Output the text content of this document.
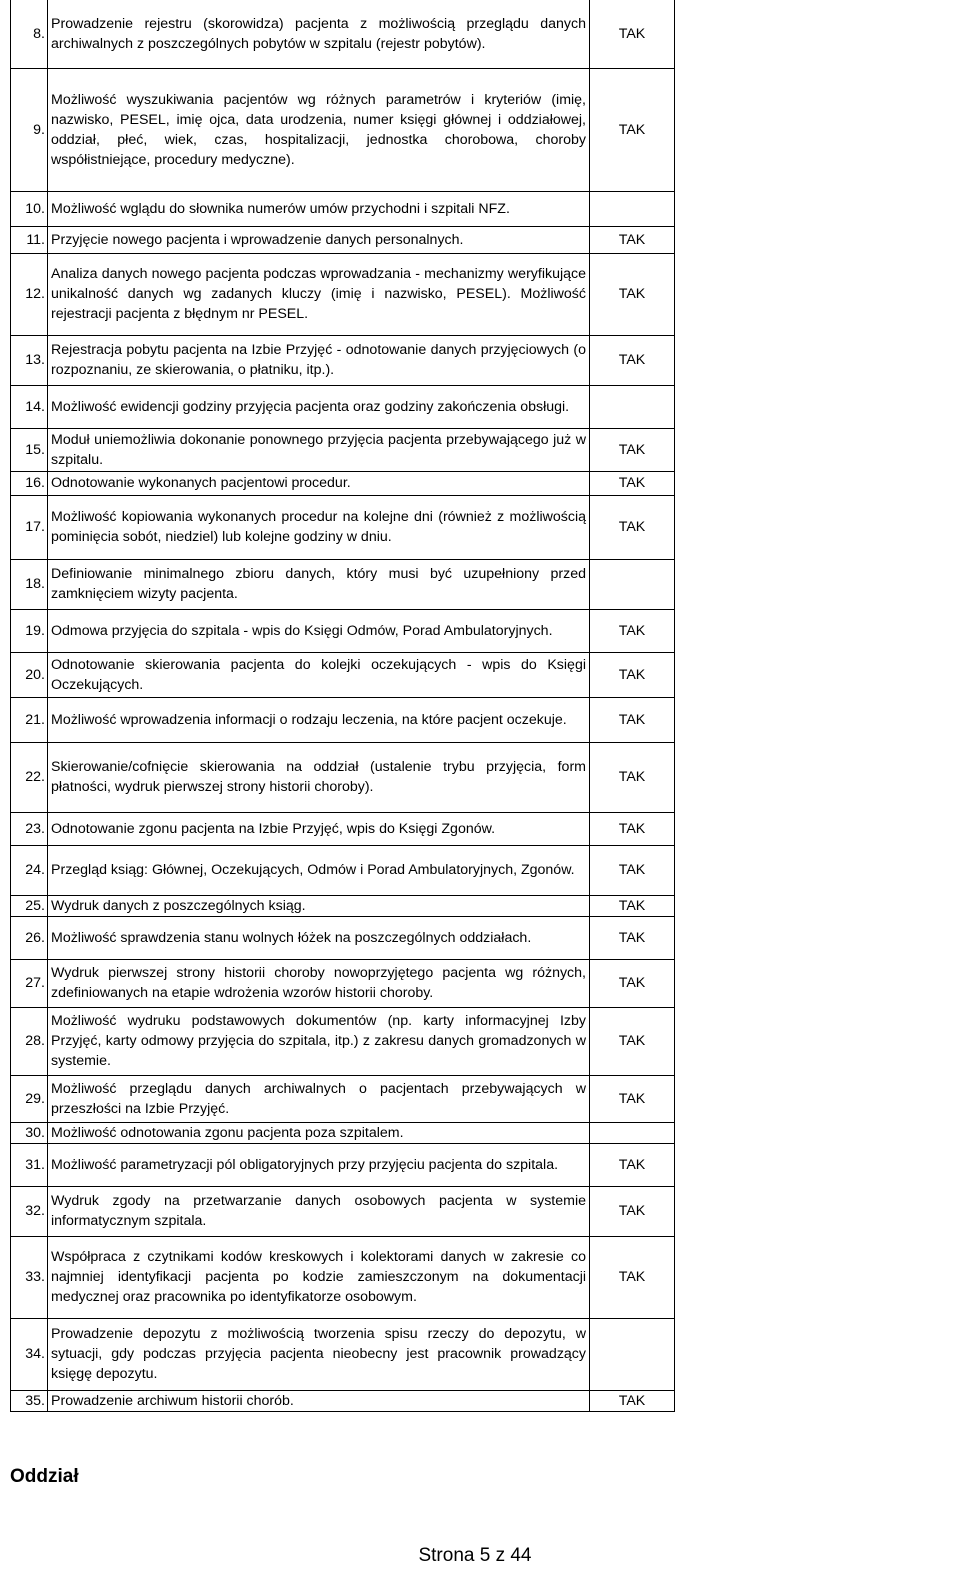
8.	Prowadzenie rejestru (skorowidza) pacjenta z możliwością przeglądu danych archiwalnych z poszczególnych pobytów w szpitalu (rejestr pobytów).	TAK
9.	Możliwość wyszukiwania pacjentów wg różnych parametrów i kryteriów (imię, nazwisko, PESEL, imię ojca, data urodzenia, numer księgi głównej i oddziałowej, oddział, płeć, wiek, czas, hospitalizacji, jednostka chorobowa, choroby współistniejące, procedury medyczne).	TAK
10.	Możliwość wglądu do słownika numerów umów przychodni i szpitali NFZ.	
11.	Przyjęcie nowego pacjenta i wprowadzenie danych personalnych.	TAK
12.	Analiza danych nowego pacjenta podczas wprowadzania - mechanizmy weryfikujące unikalność danych wg zadanych kluczy (imię i nazwisko, PESEL). Możliwość rejestracji pacjenta z błędnym nr PESEL.	TAK
13.	Rejestracja pobytu pacjenta na Izbie Przyjęć - odnotowanie danych przyjęciowych (o rozpoznaniu, ze skierowania, o płatniku, itp.).	TAK
14.	Możliwość ewidencji godziny przyjęcia pacjenta oraz godziny zakończenia obsługi.	
15.	Moduł uniemożliwia dokonanie ponownego przyjęcia pacjenta przebywającego już w szpitalu.	TAK
16.	Odnotowanie wykonanych pacjentowi procedur.	TAK
17.	Możliwość kopiowania wykonanych procedur na kolejne dni (również z możliwością pominięcia sobót, niedziel) lub kolejne godziny w dniu.	TAK
18.	Definiowanie minimalnego zbioru danych, który musi być uzupełniony przed zamknięciem wizyty pacjenta.	
19.	Odmowa przyjęcia do szpitala - wpis do Księgi Odmów, Porad Ambulatoryjnych.	TAK
20.	Odnotowanie skierowania pacjenta do kolejki oczekujących - wpis do Księgi Oczekujących.	TAK
21.	Możliwość wprowadzenia informacji o rodzaju leczenia, na które pacjent oczekuje.	TAK
22.	Skierowanie/cofnięcie skierowania na oddział (ustalenie trybu przyjęcia, form płatności, wydruk pierwszej strony historii choroby).	TAK
23.	Odnotowanie zgonu pacjenta na Izbie Przyjęć, wpis do Księgi Zgonów.	TAK
24.	Przegląd ksiąg: Głównej, Oczekujących, Odmów i Porad Ambulatoryjnych, Zgonów.	TAK
25.	Wydruk danych z poszczególnych ksiąg.	TAK
26.	Możliwość sprawdzenia stanu wolnych łóżek na poszczególnych oddziałach.	TAK
27.	Wydruk pierwszej strony historii choroby nowoprzyjętego pacjenta wg różnych, zdefiniowanych na etapie wdrożenia wzorów historii choroby.	TAK
28.	Możliwość wydruku podstawowych dokumentów (np. karty informacyjnej Izby Przyjęć, karty odmowy przyjęcia do szpitala, itp.) z zakresu danych gromadzonych w systemie.	TAK
29.	Możliwość przeglądu danych archiwalnych o pacjentach przebywających w przeszłości na Izbie Przyjęć.	TAK
30.	Możliwość odnotowania zgonu pacjenta poza szpitalem.	
31.	Możliwość parametryzacji pól obligatoryjnych przy przyjęciu pacjenta do szpitala.	TAK
32.	Wydruk zgody na przetwarzanie danych osobowych pacjenta w systemie informatycznym szpitala.	TAK
33.	Współpraca z czytnikami kodów kreskowych i kolektorami danych w zakresie co najmniej identyfikacji pacjenta po kodzie zamieszczonym na dokumentacji medycznej oraz pracownika po identyfikatorze osobowym.	TAK
34.	Prowadzenie depozytu z możliwością tworzenia spisu rzeczy do depozytu, w sytuacji, gdy podczas przyjęcia pacjenta nieobecny jest pracownik prowadzący księgę depozytu.	
35.	Prowadzenie archiwum historii chorób.	TAK
Oddział
Strona 5 z 44
